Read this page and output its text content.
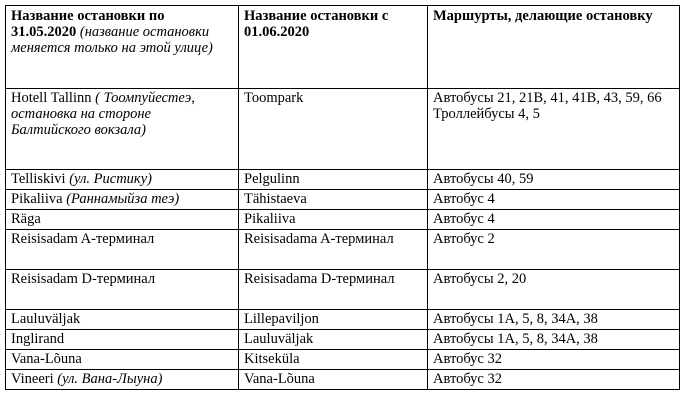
Название остановки по 31.05.2020 (название остановки меняется только на этой улице)	Название остановки с 01.06.2020	Маршурты, делающие остановку
Hotell Tallinn ( Тоомпуйестеэ, остановка на стороне Балтийского вокзала)	Toompark	Автобусы 21, 21B, 41, 41B, 43, 59, 66
Троллейбусы 4, 5

Telliskivi (ул. Ристику)	Pelgulinn	Автобусы 40, 59
Pikaliiva (Раннамыйза теэ)	Tähistaeva	Автобус 4
Räga	Pikaliiva	Автобус 4
Reisisadam A-терминал	Reisisadama A-терминал	Автобус 2
Reisisadam D-терминал	Reisisadama D-терминал	Автобусы 2, 20
Lauluväljak	Lillepaviljon	Автобусы 1A, 5, 8, 34A, 38
Inglirand	Lauluväljak	Автобусы 1A, 5, 8, 34A, 38
Vana-Lõuna	Kitseküla	Автобус 32
Vineeri (ул. Вана-Лыуна)	Vana-Lõuna	Автобус 32
